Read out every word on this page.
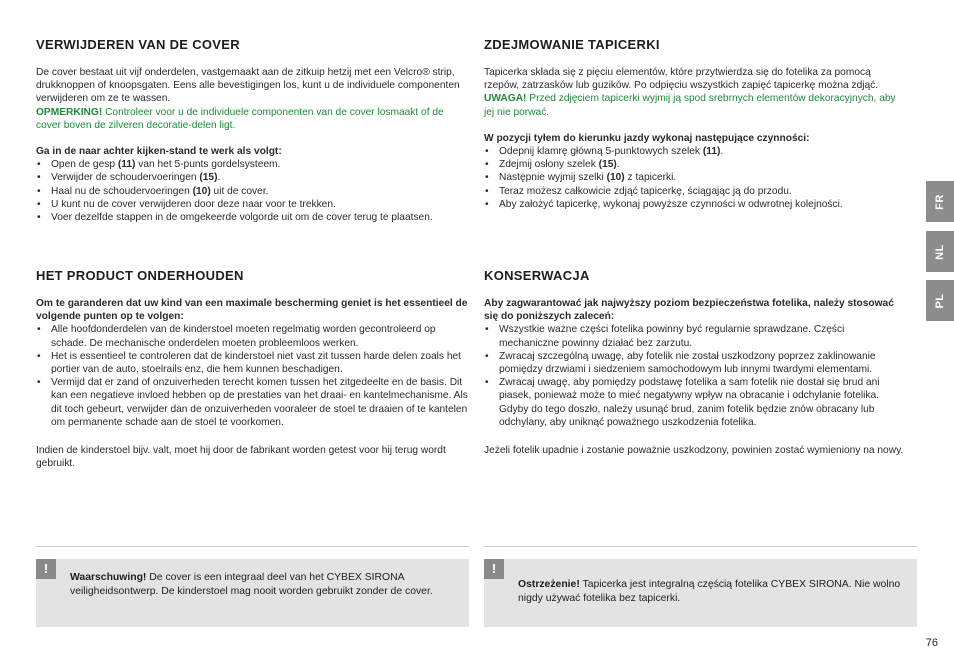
VERWIJDEREN VAN DE COVER
De cover bestaat uit vijf onderdelen, vastgemaakt aan de zitkuip hetzij met een Velcro® strip, drukknoppen of knoopsgaten. Eens alle bevestigingen los, kunt u de individuele componenten verwijderen om ze te wassen.
OPMERKING! Controleer voor u de individuele componenten van de cover losmaakt of de cover boven de zilveren decoratie-delen ligt.
Ga in de naar achter kijken-stand te werk als volgt:
• Open de gesp (11) van het 5-punts gordelsysteem.
• Verwijder de schoudervoeringen (15).
• Haal nu de schoudervoeringen (10) uit de cover.
• U kunt nu de cover verwijderen door deze naar voor te trekken.
• Voer dezelfde stappen in de omgekeerde volgorde uit om de cover terug te plaatsen.
HET PRODUCT ONDERHOUDEN
Om te garanderen dat uw kind van een maximale bescherming geniet is het essentieel de volgende punten op te volgen:
• Alle hoofdonderdelen van de kinderstoel moeten regelmatig worden gecontroleerd op schade. De mechanische onderdelen moeten probleemloos werken.
• Het is essentieel te controleren dat de kinderstoel niet vast zit tussen harde delen zoals het portier van de auto, stoelrails enz, die hem kunnen beschadigen.
• Vermijd dat er zand of onzuiverheden terecht komen tussen het zitgedeelte en de basis. Dit kan een negatieve invloed hebben op de prestaties van het draai- en kantelmechanisme. Als dit toch gebeurt, verwijder dan de onzuiverheden vooraleer de stoel te draaien of te kantelen om permanente schade aan de stoel te voorkomen.
Indien de kinderstoel bijv. valt, moet hij door de fabrikant worden getest voor hij terug wordt gebruikt.
!
Waarschuwing! De cover is een integraal deel van het CYBEX SIRONA veiligheidsontwerp. De kinderstoel mag nooit worden gebruikt zonder de cover.
ZDEJMOWANIE TAPICERKI
Tapicerka składa się z pięciu elementów, które przytwierdza się do fotelika za pomocą rzepów, zatrzasków lub guzików. Po odpięciu wszystkich zapięć tapicerkę można zdjąć.
UWAGA! Przed zdjęciem tapicerki wyjmij ją spod srebrnych elementów dekoracyjnych, aby jej nie porwać.
W pozycji tyłem do kierunku jazdy wykonaj następujące czynności:
• Odepnij klamrę główną 5-punktowych szelek (11).
• Zdejmij osłony szelek (15).
• Następnie wyjmij szelki (10) z tapicerki.
• Teraz możesz całkowicie zdjąć tapicerkę, ściągając ją do przodu.
• Aby założyć tapicerkę, wykonaj powyższe czynności w odwrotnej kolejności.
KONSERWACJA
Aby zagwarantować jak najwyższy poziom bezpieczeństwa fotelika, należy stosować się do poniższych zaleceń:
• Wszystkie ważne części fotelika powinny być regularnie sprawdzane. Części mechaniczne powinny działać bez zarzutu.
• Zwracaj szczególną uwagę, aby fotelik nie został uszkodzony poprzez zaklinowanie pomiędzy drzwiami i siedzeniem samochodowym lub innymi twardymi elementami.
• Zwracaj uwagę, aby pomiędzy podstawę fotelika a sam fotelik nie dostał się brud ani piasek, ponieważ może to mieć negatywny wpływ na obracanie i odchylanie fotelika. Gdyby do tego doszło, należy usunąć brud, zanim fotelik będzie znów obracany lub odchylany, aby uniknąć poważnego uszkodzenia fotelika.
Jeżeli fotelik upadnie i zostanie poważnie uszkodzony, powinien zostać wymieniony na nowy.
!
Ostrzeżenie! Tapicerka jest integralną częścią fotelika CYBEX SIRONA. Nie wolno nigdy używać fotelika bez tapicerki.
FR
NL
PL
76
